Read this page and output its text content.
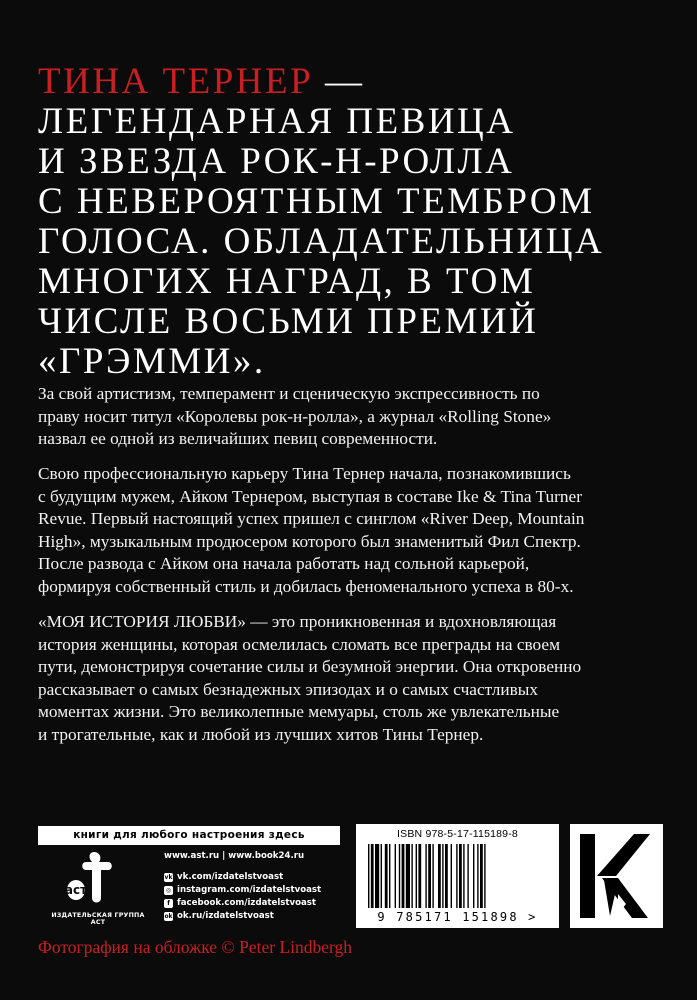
ТИНА ТЕРНЕР —
ЛЕГЕНДАРНАЯ ПЕВИЦА
И ЗВЕЗДА РОК-Н-РОЛЛА
С НЕВЕРОЯТНЫМ ТЕМБРОМ
ГОЛОСА. ОБЛАДАТЕЛЬНИЦА
МНОГИХ НАГРАД, В ТОМ
ЧИСЛЕ ВОСЬМИ ПРЕМИЙ
«ГРЭММИ».

За свой артистизм, темперамент и сценическую экспрессивность по
праву носит титул «Королевы рок-н-ролла», а журнал «Rolling Stone»
назвал ее одной из величайших певиц современности.

Свою профессиональную карьеру Тина Тернер начала, познакомившись
с будущим мужем, Айком Тернером, выступая в составе Ike & Tina Turner
Revue. Первый настоящий успех пришел с синглом «River Deep, Mountain
High», музыкальным продюсером которого был знаменитый Фил Спектр.
После развода с Айком она начала работать над сольной карьерой,
формируя собственный стиль и добилась феноменального успеха в 80-х.

«МОЯ ИСТОРИЯ ЛЮБВИ» — это проникновенная и вдохновляющая
история женщины, которая осмелилась сломать все преграды на своем
пути, демонстрируя сочетание силы и безумной энергии. Она откровенно
рассказывает о самых безнадежных эпизодах и о самых счастливых
моментах жизни. Это великолепные мемуары, столь же увлекательные
и трогательные, как и любой из лучших хитов Тины Тернер.

книги для любого настроения здесь
аст
ИЗДАТЕЛЬСКАЯ ГРУППА АСТ
www.ast.ru | www.book24.ru
vk vk.com/izdatelstvoast
◎ instagram.com/izdatelstvoast
f facebook.com/izdatelstvoast
ok ok.ru/izdatelstvoast
ISBN 978-5-17-115189-8
9 785171 151898 >

Фотография на обложке © Peter Lindbergh
